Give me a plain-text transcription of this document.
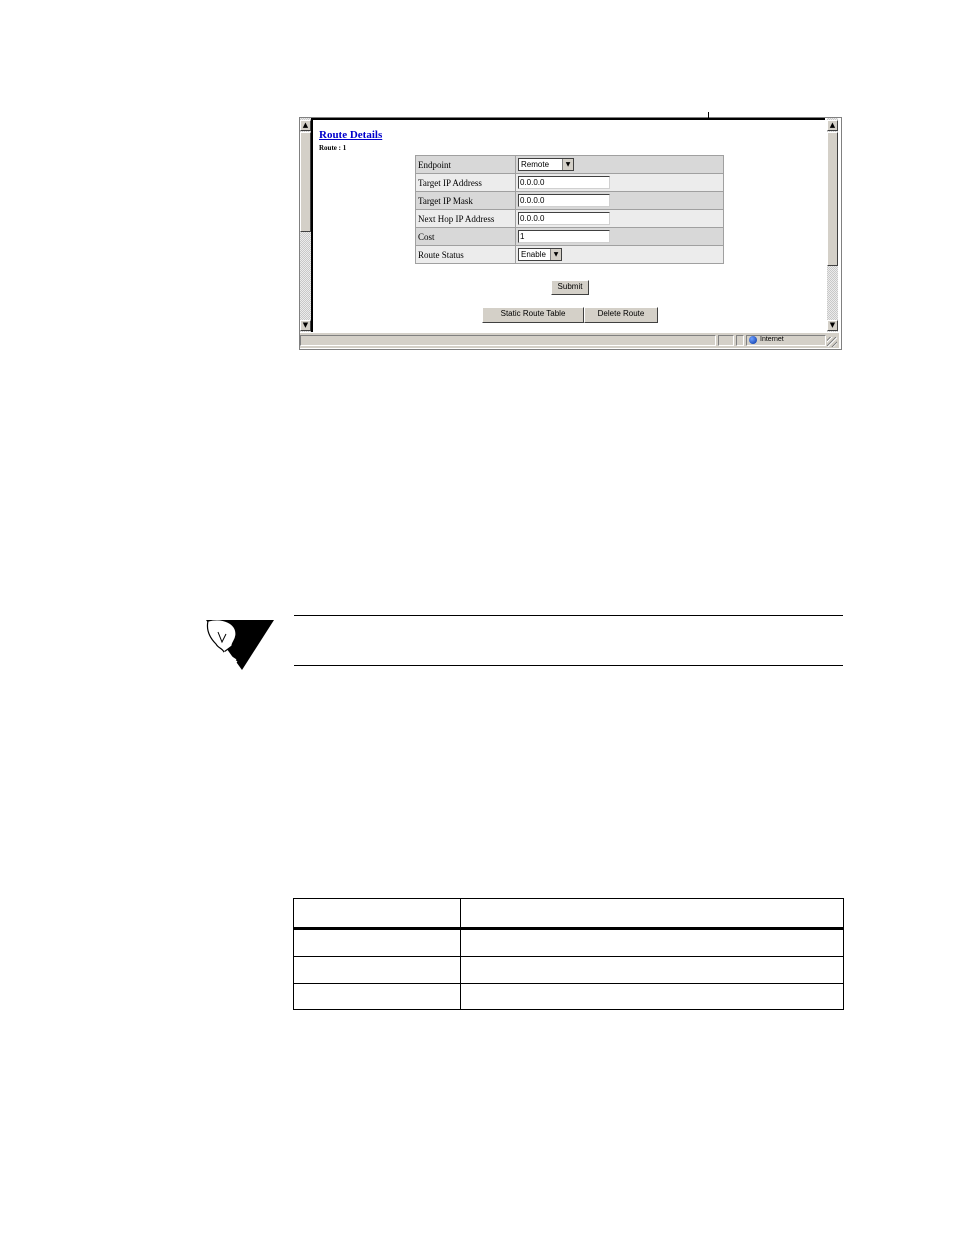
▲
▼
▲
▼
Route Details
Route : 1
Endpoint	Remote ▼

Target IP Address	0.0.0.0
Target IP Mask	0.0.0.0
Next Hop IP Address	0.0.0.0
Cost	1
Route Status	Enable ▼
Submit
Static Route Table	Delete Route
Internet
